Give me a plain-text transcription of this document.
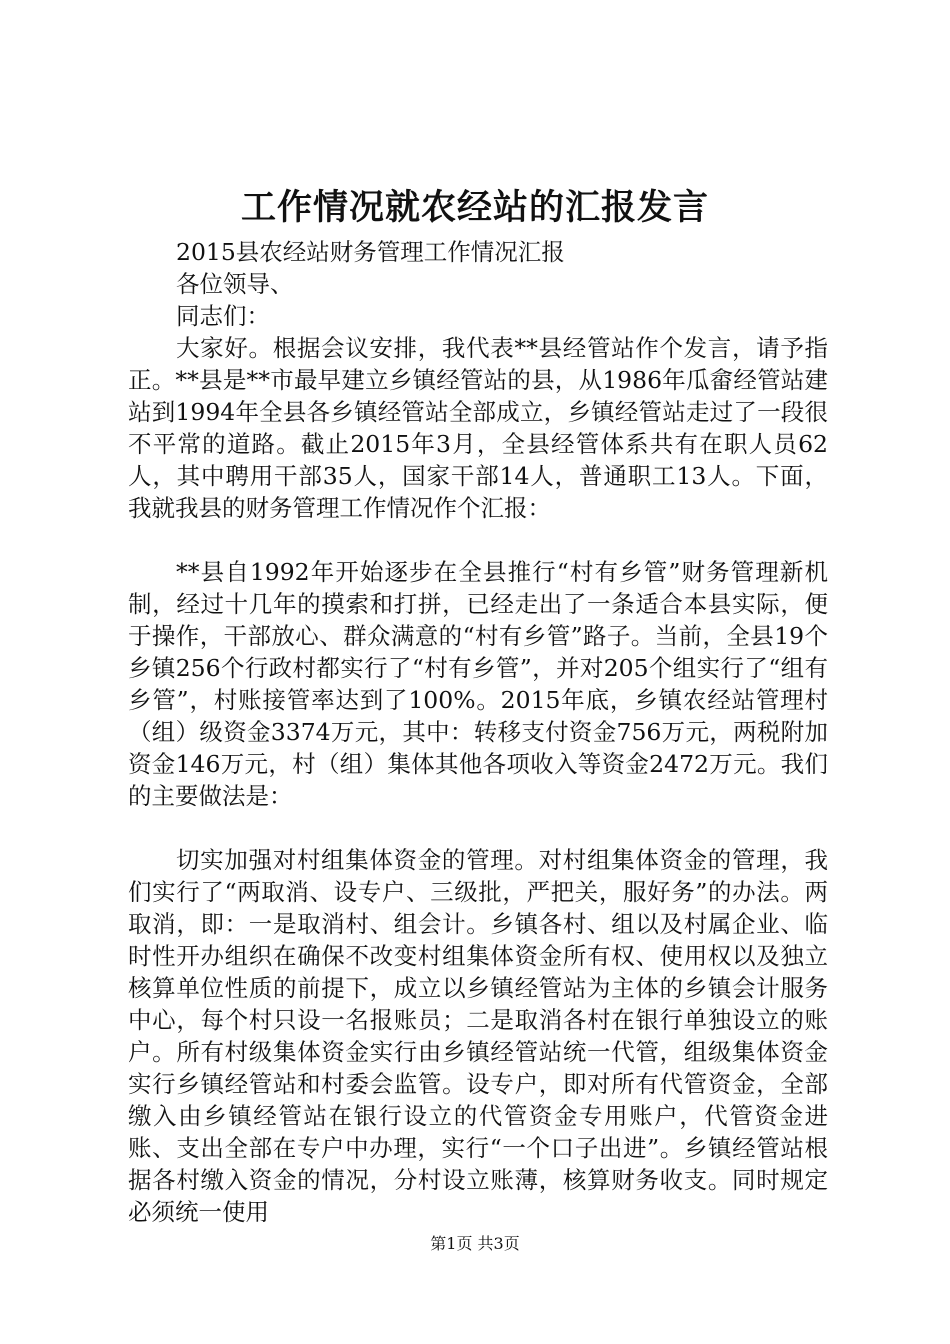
工作情况就农经站的汇报发言
2015县农经站财务管理工作情况汇报
各位领导、
同志们：

大家好。根据会议安排，我代表**县经管站作个发言，请予指正。**县是**市最早建立乡镇经管站的县，从1986年瓜畲经管站建站到1994年全县各乡镇经管站全部成立，乡镇经管站走过了一段很不平常的道路。截止2015年3月，全县经管体系共有在职人员62人，其中聘用干部35人，国家干部14人，普通职工13人。下面，我就我县的财务管理工作情况作个汇报：

**县自1992年开始逐步在全县推行“村有乡管”财务管理新机制，经过十几年的摸索和打拼，已经走出了一条适合本县实际，便于操作，干部放心、群众满意的“村有乡管”路子。当前，全县19个乡镇256个行政村都实行了“村有乡管”，并对205个组实行了“组有乡管”，村账接管率达到了100%。2015年底，乡镇农经站管理村（组）级资金3374万元，其中：转移支付资金756万元，两税附加资金146万元，村（组）集体其他各项收入等资金2472万元。我们的主要做法是：

切实加强对村组集体资金的管理。对村组集体资金的管理，我们实行了“两取消、设专户、三级批，严把关，服好务”的办法。两取消，即：一是取消村、组会计。乡镇各村、组以及村属企业、临时性开办组织在确保不改变村组集体资金所有权、使用权以及独立核算单位性质的前提下，成立以乡镇经管站为主体的乡镇会计服务中心，每个村只设一名报账员；二是取消各村在银行单独设立的账户。所有村级集体资金实行由乡镇经管站统一代管，组级集体资金实行乡镇经管站和村委会监管。设专户，即对所有代管资金，全部缴入由乡镇经管站在银行设立的代管资金专用账户，代管资金进账、支出全部在专户中办理，实行“一个口子出进”。乡镇经管站根据各村缴入资金的情况，分村设立账薄，核算财务收支。同时规定必须统一使用

第1页 共3页
